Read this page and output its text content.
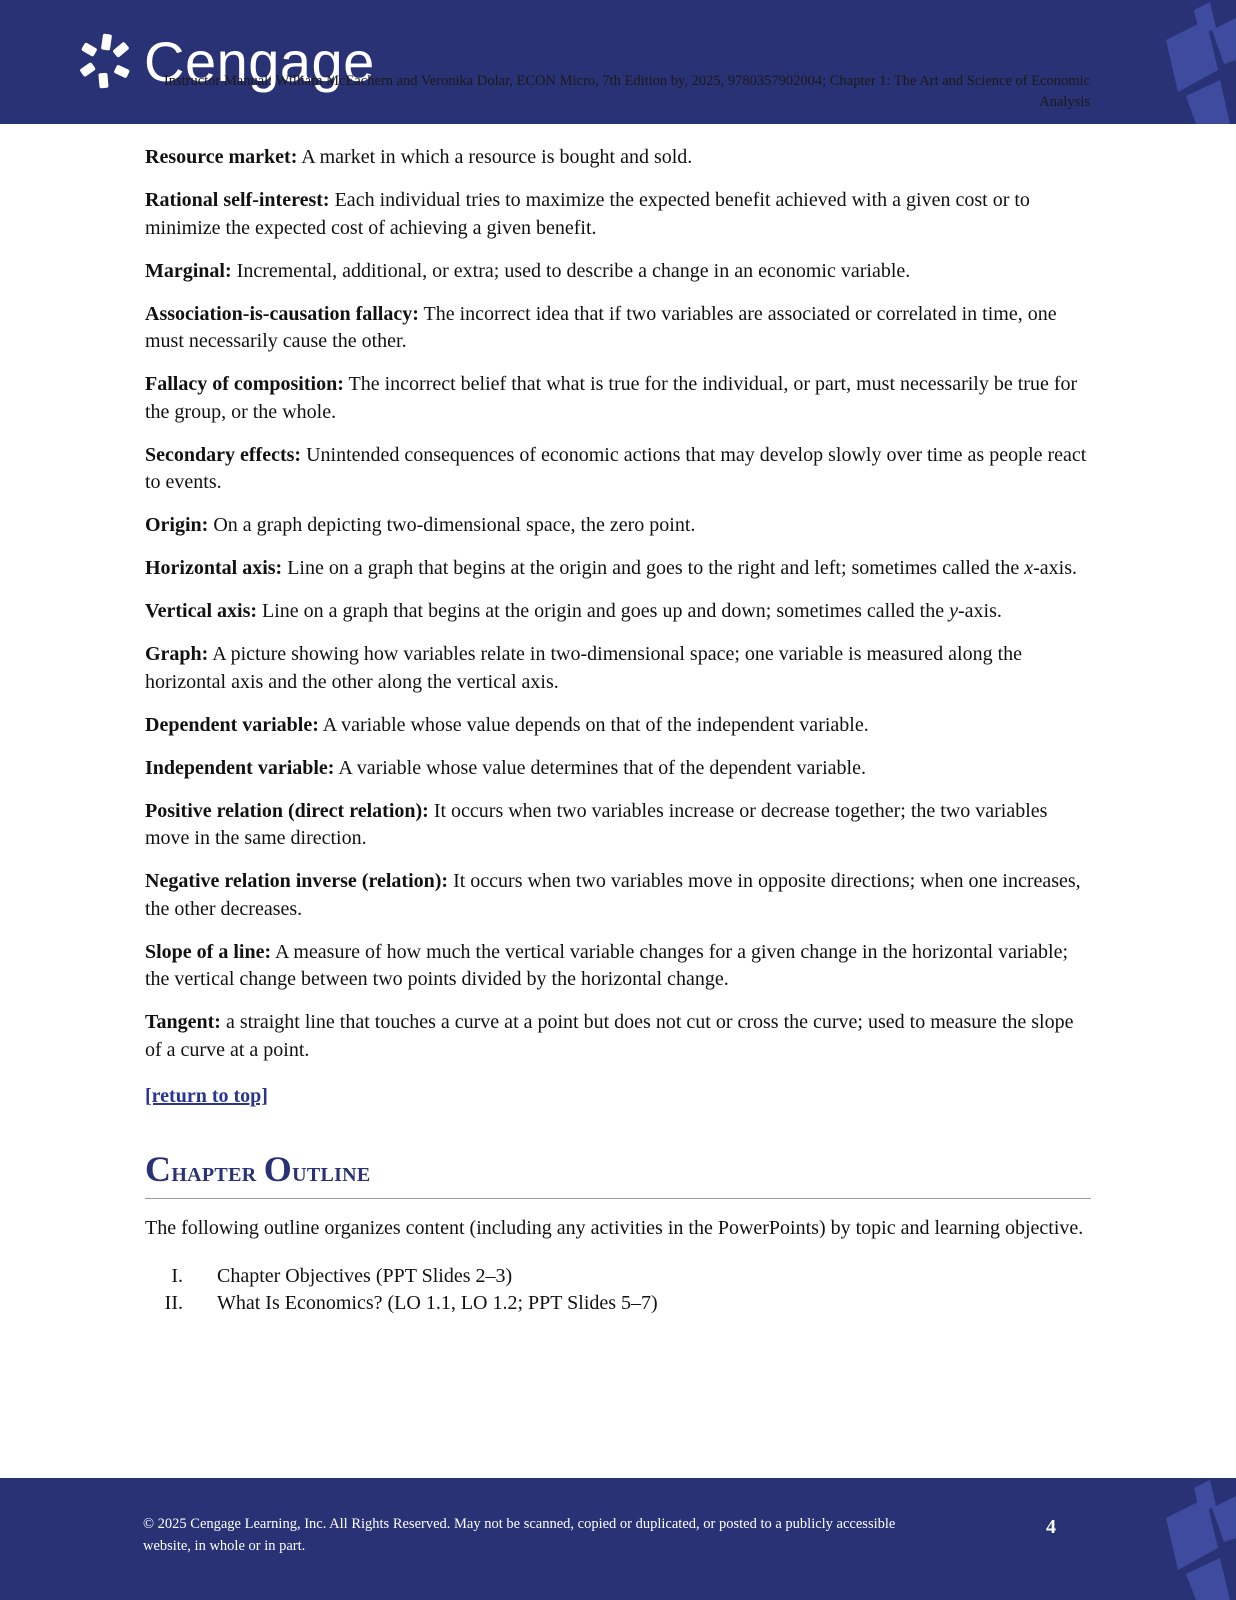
Cengage
Instructor Manual: William McEachern and Veronika Dolar, ECON Micro, 7th Edition by, 2025, 9780357902004; Chapter 1: The Art and Science of Economic Analysis

Resource market: A market in which a resource is bought and sold.

Rational self-interest: Each individual tries to maximize the expected benefit achieved with a given cost or to minimize the expected cost of achieving a given benefit.

Marginal: Incremental, additional, or extra; used to describe a change in an economic variable.

Association-is-causation fallacy: The incorrect idea that if two variables are associated or correlated in time, one must necessarily cause the other.

Fallacy of composition: The incorrect belief that what is true for the individual, or part, must necessarily be true for the group, or the whole.

Secondary effects: Unintended consequences of economic actions that may develop slowly over time as people react to events.

Origin: On a graph depicting two-dimensional space, the zero point.

Horizontal axis: Line on a graph that begins at the origin and goes to the right and left; sometimes called the x-axis.

Vertical axis: Line on a graph that begins at the origin and goes up and down; sometimes called the y-axis.

Graph: A picture showing how variables relate in two-dimensional space; one variable is measured along the horizontal axis and the other along the vertical axis.

Dependent variable: A variable whose value depends on that of the independent variable.

Independent variable: A variable whose value determines that of the dependent variable.

Positive relation (direct relation): It occurs when two variables increase or decrease together; the two variables move in the same direction.

Negative relation inverse (relation): It occurs when two variables move in opposite directions; when one increases, the other decreases.

Slope of a line: A measure of how much the vertical variable changes for a given change in the horizontal variable; the vertical change between two points divided by the horizontal change.

Tangent: a straight line that touches a curve at a point but does not cut or cross the curve; used to measure the slope of a curve at a point.

[return to top]
Chapter Outline

The following outline organizes content (including any activities in the PowerPoints) by topic and learning objective.

I.	Chapter Objectives (PPT Slides 2–3)
II.	What Is Economics? (LO 1.1, LO 1.2; PPT Slides 5–7)
© 2025 Cengage Learning, Inc. All Rights Reserved. May not be scanned, copied or duplicated, or posted to a publicly accessible website, in whole or in part.
4
